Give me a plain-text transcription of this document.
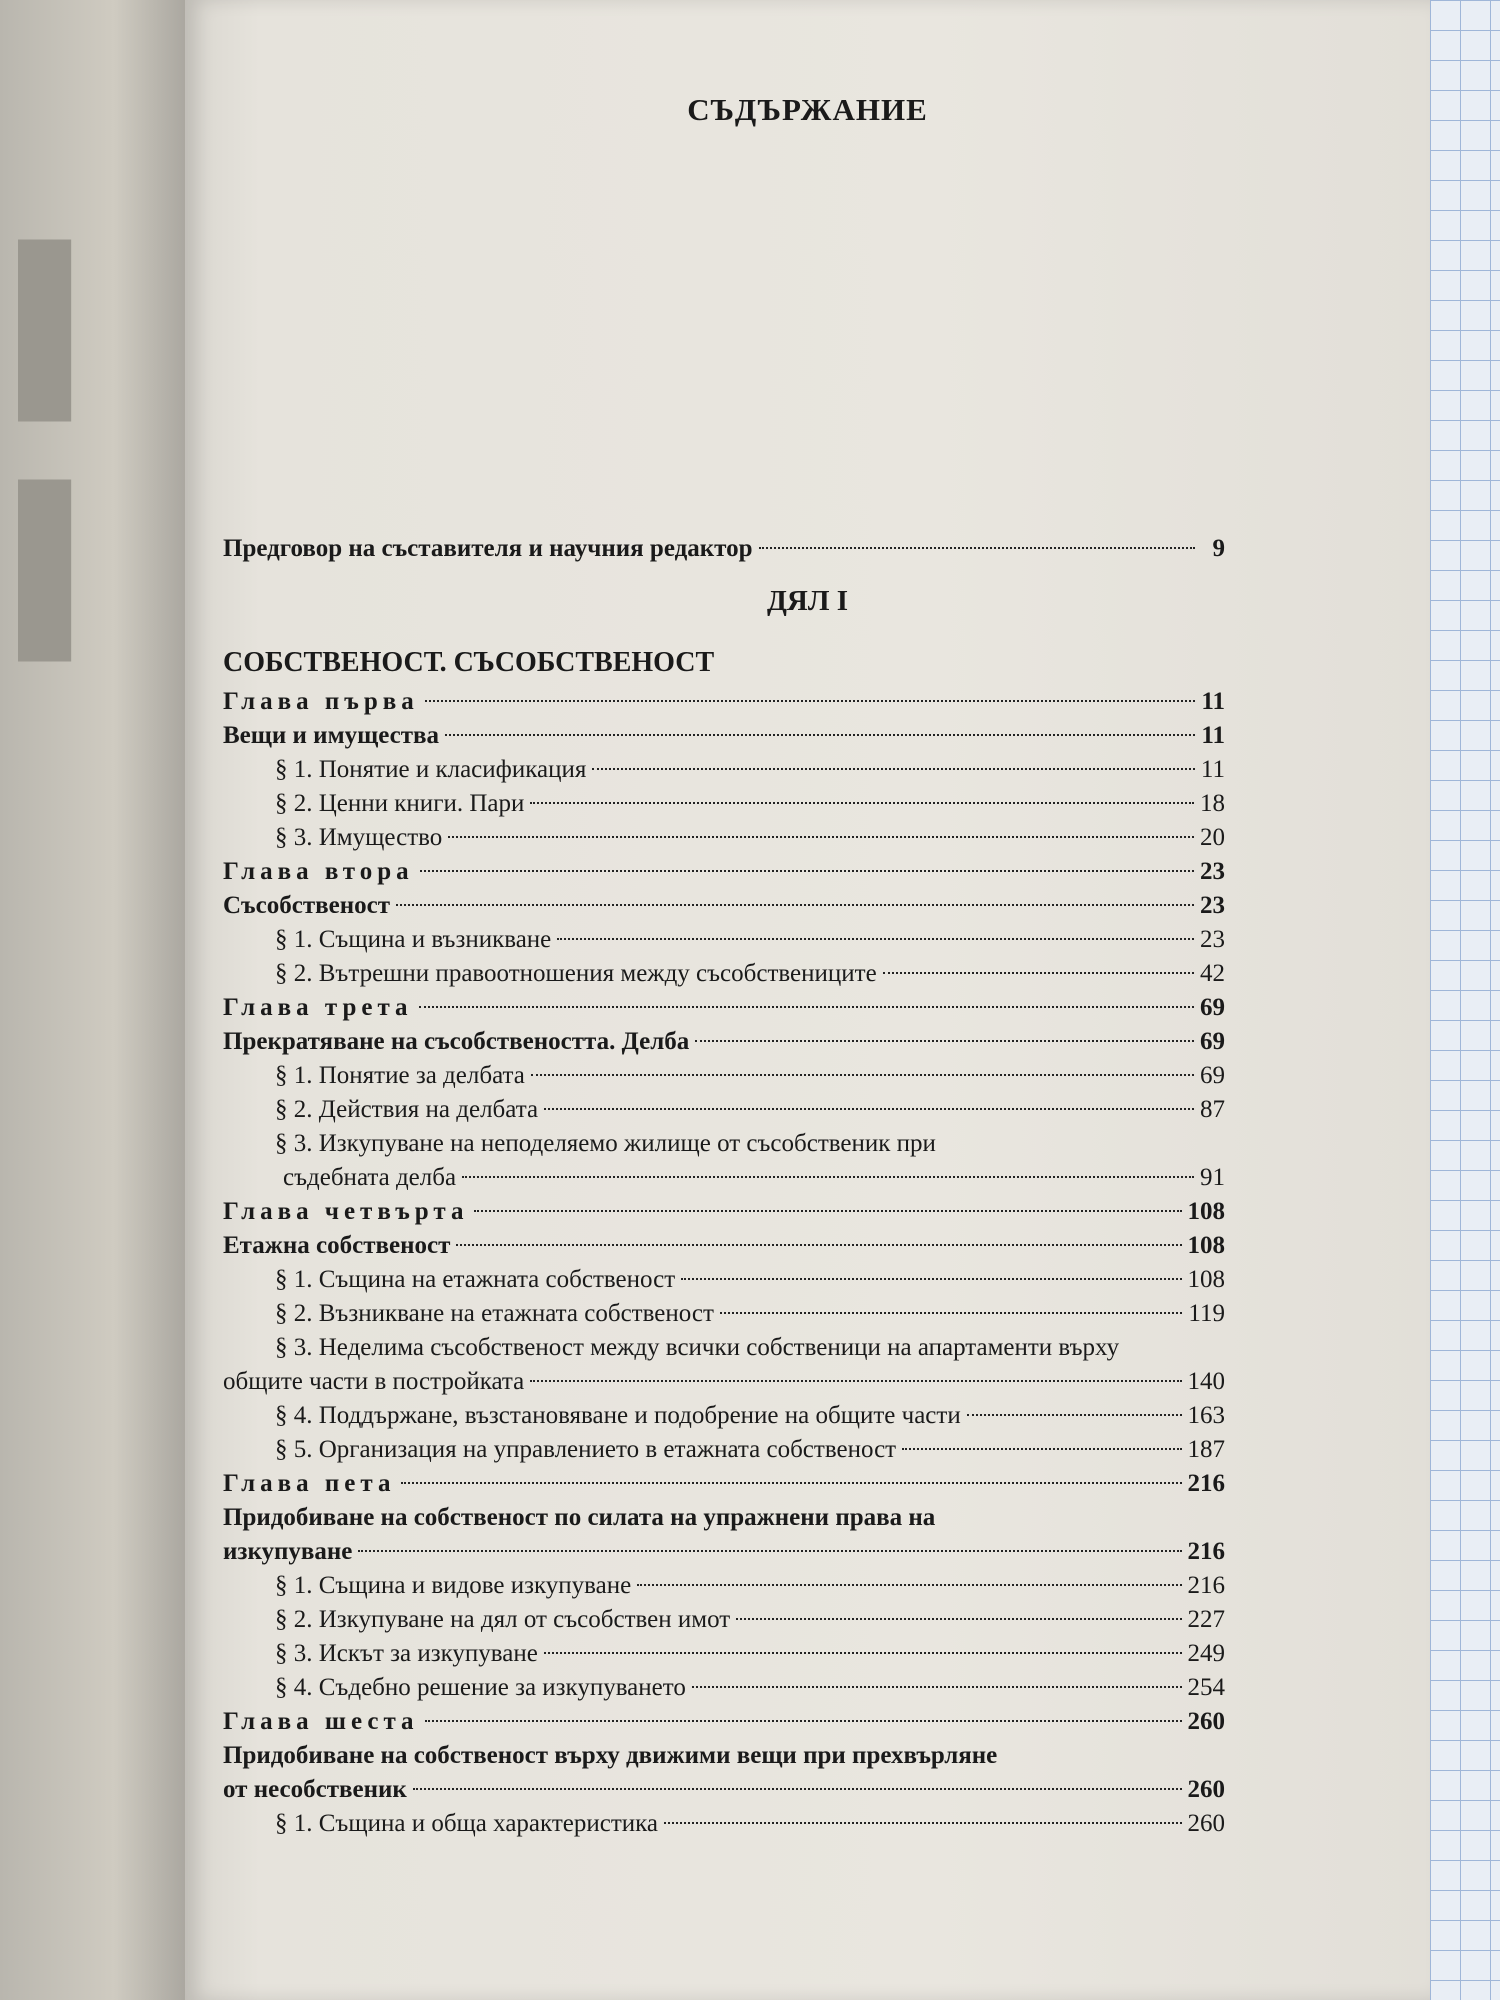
▌
▌
СЪДЪРЖАНИЕ
Предговор на съставителя и научния редактор	9
ДЯЛ I
СОБСТВЕНОСТ. СЪСОБСТВЕНОСТ
Глава първа	11
Вещи и имущества	11
§ 1. Понятие и класификация	11
§ 2. Ценни книги. Пари	18
§ 3. Имущество	20
Глава втора	23
Съсобственост	23
§ 1. Същина и възникване	23
§ 2. Вътрешни правоотношения между съсобствениците	42
Глава трета	69
Прекратяване на съсобствеността. Делба	69
§ 1. Понятие за делбата	69
§ 2. Действия на делбата	87
§ 3. Изкупуване на неподеляемо жилище от съсобственик при
съдебната делба	91
Глава четвърта	108
Етажна собственост	108
§ 1. Същина на етажната собственост	108
§ 2. Възникване на етажната собственост	119
§ 3. Неделима съсобственост между всички собственици на апартаменти върху
общите части в постройката	140
§ 4. Поддържане, възстановяване и подобрение на общите части	163
§ 5. Организация на управлението в етажната собственост	187
Глава пета	216
Придобиване на собственост по силата на упражнени права на
изкупуване	216
§ 1. Същина и видове изкупуване	216
§ 2. Изкупуване на дял от съсобствен имот	227
§ 3. Искът за изкупуване	249
§ 4. Съдебно решение за изкупуването	254
Глава шеста	260
Придобиване на собственост върху движими вещи при прехвърляне
от несобственик	260
§ 1. Същина и обща характеристика	260
